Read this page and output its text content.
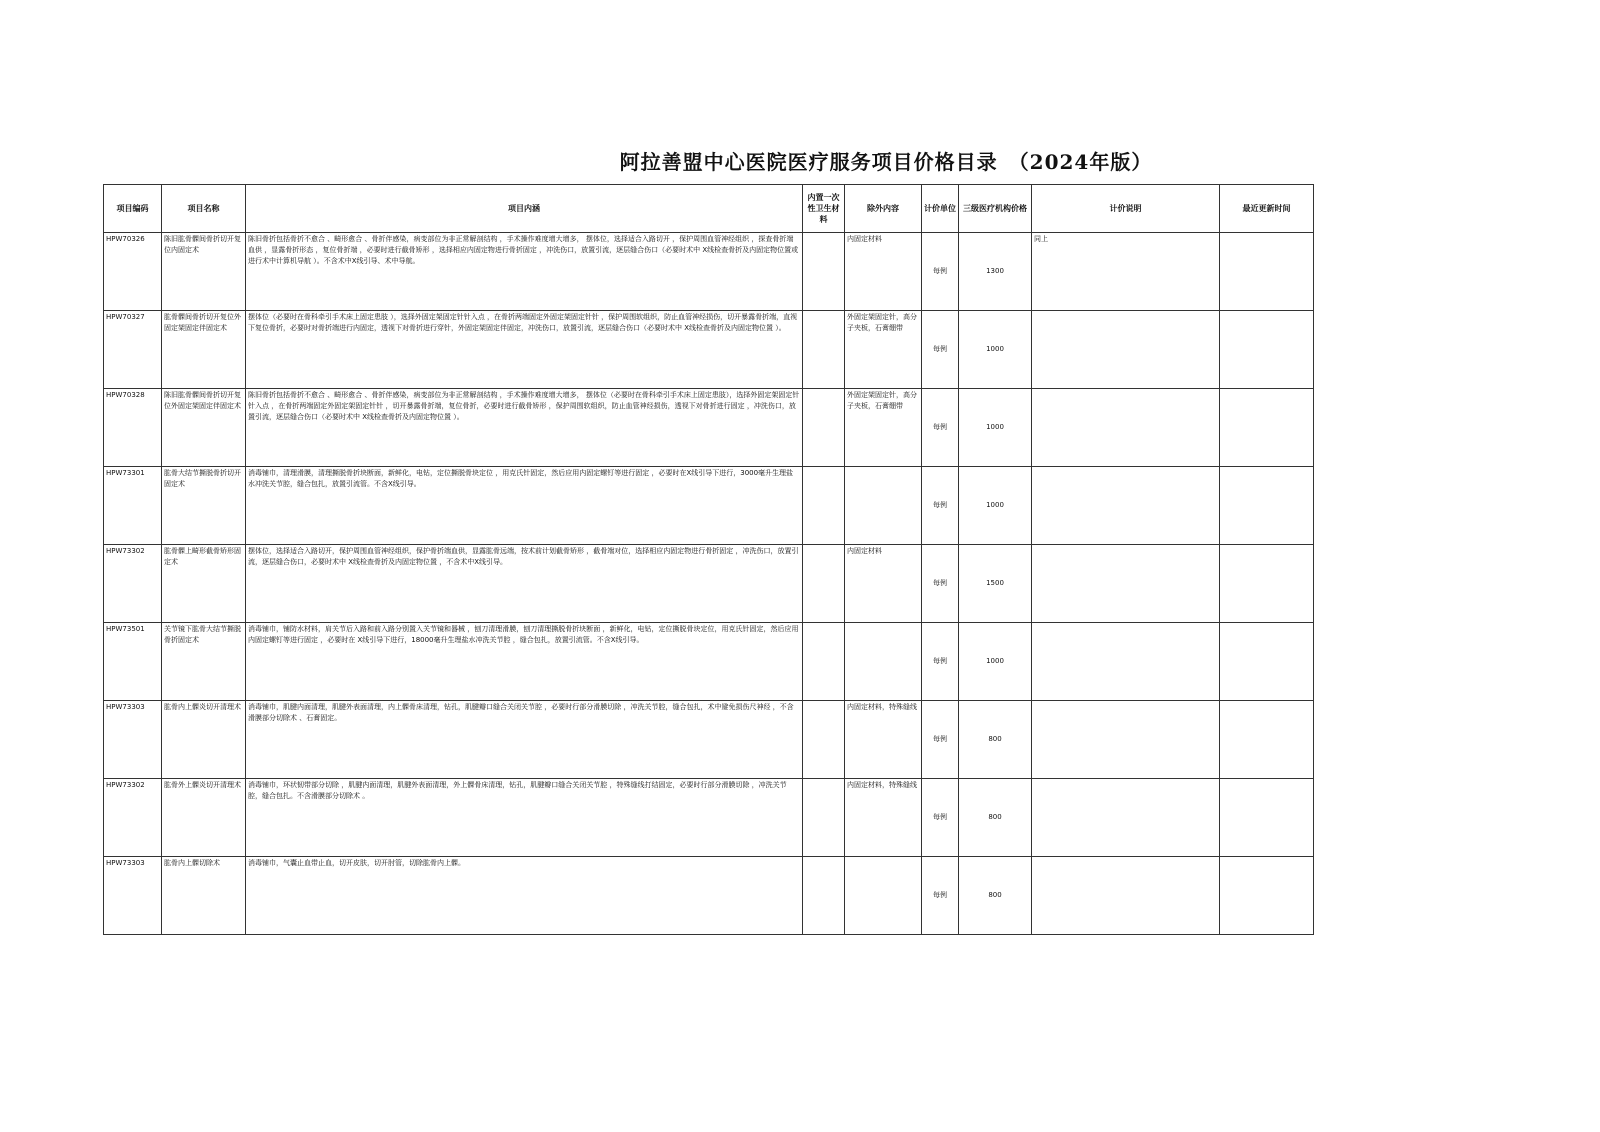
阿拉善盟中心医院医疗服务项目价格目录　（2024年版）
项目编码	项目名称	项目内涵	内置一次性卫生材料	除外内容	计价单位	三级医疗机构价格	计价说明	最近更新时间
HPW70326	陈旧肱骨髁间骨折切开复位内固定术	陈旧骨折包括骨折不愈合 、畸形愈合 、骨折伴感染，病变部位为非正常解剖结构 ，手术操作难度增大增多， 摆体位，选择适合入路切开 ，保护周围血管神经组织 ，探查骨折端血供 ，显露骨折形态 ，复位骨折端 ，必要时进行截骨矫形 ，选择相应内固定物进行骨折固定 ，冲洗伤口，放置引流，逐层缝合伤口（必要时术中 X线检查骨折及内固定物位置或进行术中计算机导航 ）。不含术中X线引导、术中导航。		内固定材料	每例	1300	同上	
HPW70327	肱骨髁间骨折切开复位外固定架固定伴固定术	摆体位（必要时在骨科牵引手术床上固定患肢 ），选择外固定架固定针针入点 ，在骨折两端固定外固定架固定针针 ，保护周围软组织，防止血管神经损伤，切开暴露骨折端，直视下复位骨折，必要时对骨折端进行内固定，透视下对骨折进行穿针，外固定架固定伴固定，冲洗伤口，放置引流，逐层缝合伤口（必要时术中 X线检查骨折及内固定物位置 ）。		外固定架固定针，高分子夹板，石膏绷带	每例	1000		
HPW70328	陈旧肱骨髁间骨折切开复位外固定架固定伴固定术	陈旧骨折包括骨折不愈合 、畸形愈合 、骨折伴感染，病变部位为非正常解剖结构 ，手术操作难度增大增多， 摆体位（必要时在骨科牵引手术床上固定患肢），选择外固定架固定针针入点 ，在骨折两端固定外固定架固定针针 ，切开暴露骨折端，复位骨折，必要时进行截骨矫形 ，保护周围软组织，防止血管神经损伤，透视下对骨折进行固定 ，冲洗伤口，放置引流，逐层缝合伤口（必要时术中 X线检查骨折及内固定物位置 ）。		外固定架固定针，高分子夹板，石膏绷带	每例	1000		
HPW73301	肱骨大结节撕脱骨折切开固定术	消毒铺巾，清理滑膜，清理撕脱骨折块断面，新鲜化，电钻，定位撕脱骨块定位 ，用克氏针固定，然后应用内固定螺钉等进行固定 ，必要时在X线引导下进行，3000毫升生理盐水冲洗关节腔，缝合包扎，放置引流管。不含X线引导。			每例	1000		
HPW73302	肱骨髁上畸形截骨矫形固定术	摆体位，选择适合入路切开，保护周围血管神经组织，保护骨折端血供，显露肱骨远端，按术前计划截骨矫形 ，截骨端对位，选择相应内固定物进行骨折固定 ，冲洗伤口，放置引流，逐层缝合伤口，必要时术中 X线检查骨折及内固定物位置 ，不含术中X线引导。		内固定材料	每例	1500		
HPW73501	关节镜下肱骨大结节撕脱骨折固定术	消毒铺巾，铺防水材料，肩关节后入路和前入路分别置入关节镜和器械 ，刨刀清理滑膜，刨刀清理撕脱骨折块断面 ，新鲜化，电钻，定位撕脱骨块定位，用克氏针固定，然后应用内固定螺钉等进行固定 ，必要时在 X线引导下进行，18000毫升生理盐水冲洗关节腔 ，缝合包扎，放置引流管。不含X线引导。			每例	1000		
HPW73303	肱骨内上髁炎切开清理术	消毒铺巾，肌腱内面清理，肌腱外表面清理，内上髁骨床清理，钻孔，肌腱瓣口缝合关闭关节腔 ，必要时行部分滑膜切除 ，冲洗关节腔，缝合包扎，术中避免损伤尺神经 ，不含滑膜部分切除术 、石膏固定。		内固定材料，特殊缝线	每例	800		
HPW73302	肱骨外上髁炎切开清理术	消毒铺巾，环状韧带部分切除 ，肌腱内面清理，肌腱外表面清理，外上髁骨床清理，钻孔，肌腱瓣口缝合关闭关节腔 ，特殊缝线打结固定，必要时行部分滑膜切除 ，冲洗关节腔，缝合包扎。不含滑膜部分切除术 。		内固定材料，特殊缝线	每例	800		
HPW73303	肱骨内上髁切除术	消毒铺巾，气囊止血带止血，切开皮肤，切开肘管，切除肱骨内上髁。			每例	800		
